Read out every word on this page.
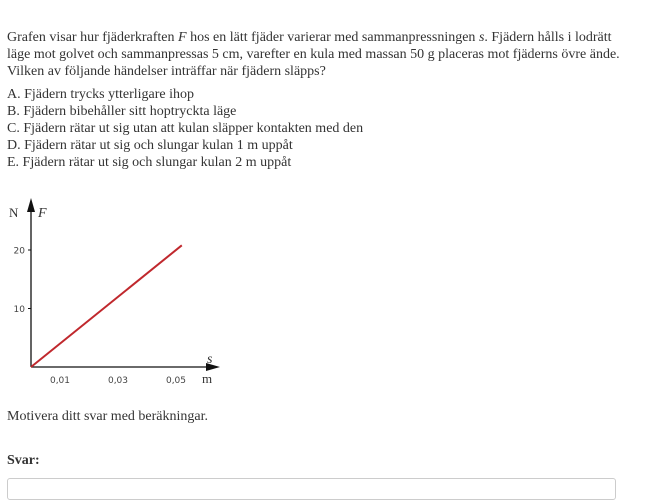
Grafen visar hur fjäderkraften F hos en lätt fjäder varierar med sammanpressningen s. Fjädern hålls i lodrätt läge mot golvet och sammanpressas 5 cm, varefter en kula med massan 50 g placeras mot fjäderns övre ände. Vilken av följande händelser inträffar när fjädern släpps?

A. Fjädern trycks ytterligare ihop
B. Fjädern bibehåller sitt hoptryckta läge
C. Fjädern rätar ut sig utan att kulan släpper kontakten med den
D. Fjädern rätar ut sig och slungar kulan 1 m uppåt
E. Fjädern rätar ut sig och slungar kulan 2 m uppåt
N F
s
m
10
20
0,01	0,03	0,05
Motivera ditt svar med beräkningar.
Svar:
